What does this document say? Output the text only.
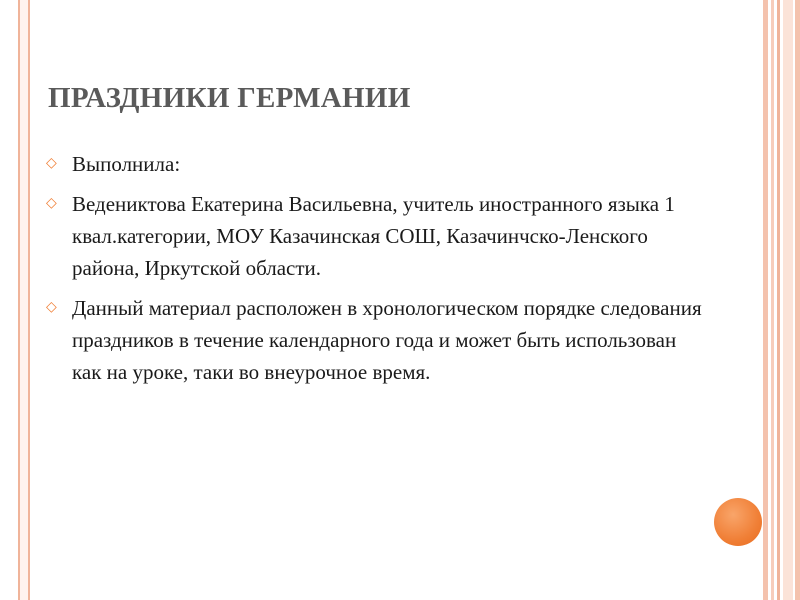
ПРАЗДНИКИ ГЕРМАНИИ
◇ Выполнила:
◇ Ведениктова Екатерина Васильевна, учитель иностранного языка 1 квал.категории, МОУ Казачинская СОШ, Казачинчско-Ленского района, Иркутской области.
◇ Данный материал расположен в хронологическом порядке следования праздников в течение календарного года и может быть использован как на уроке, таки во внеурочное время.
